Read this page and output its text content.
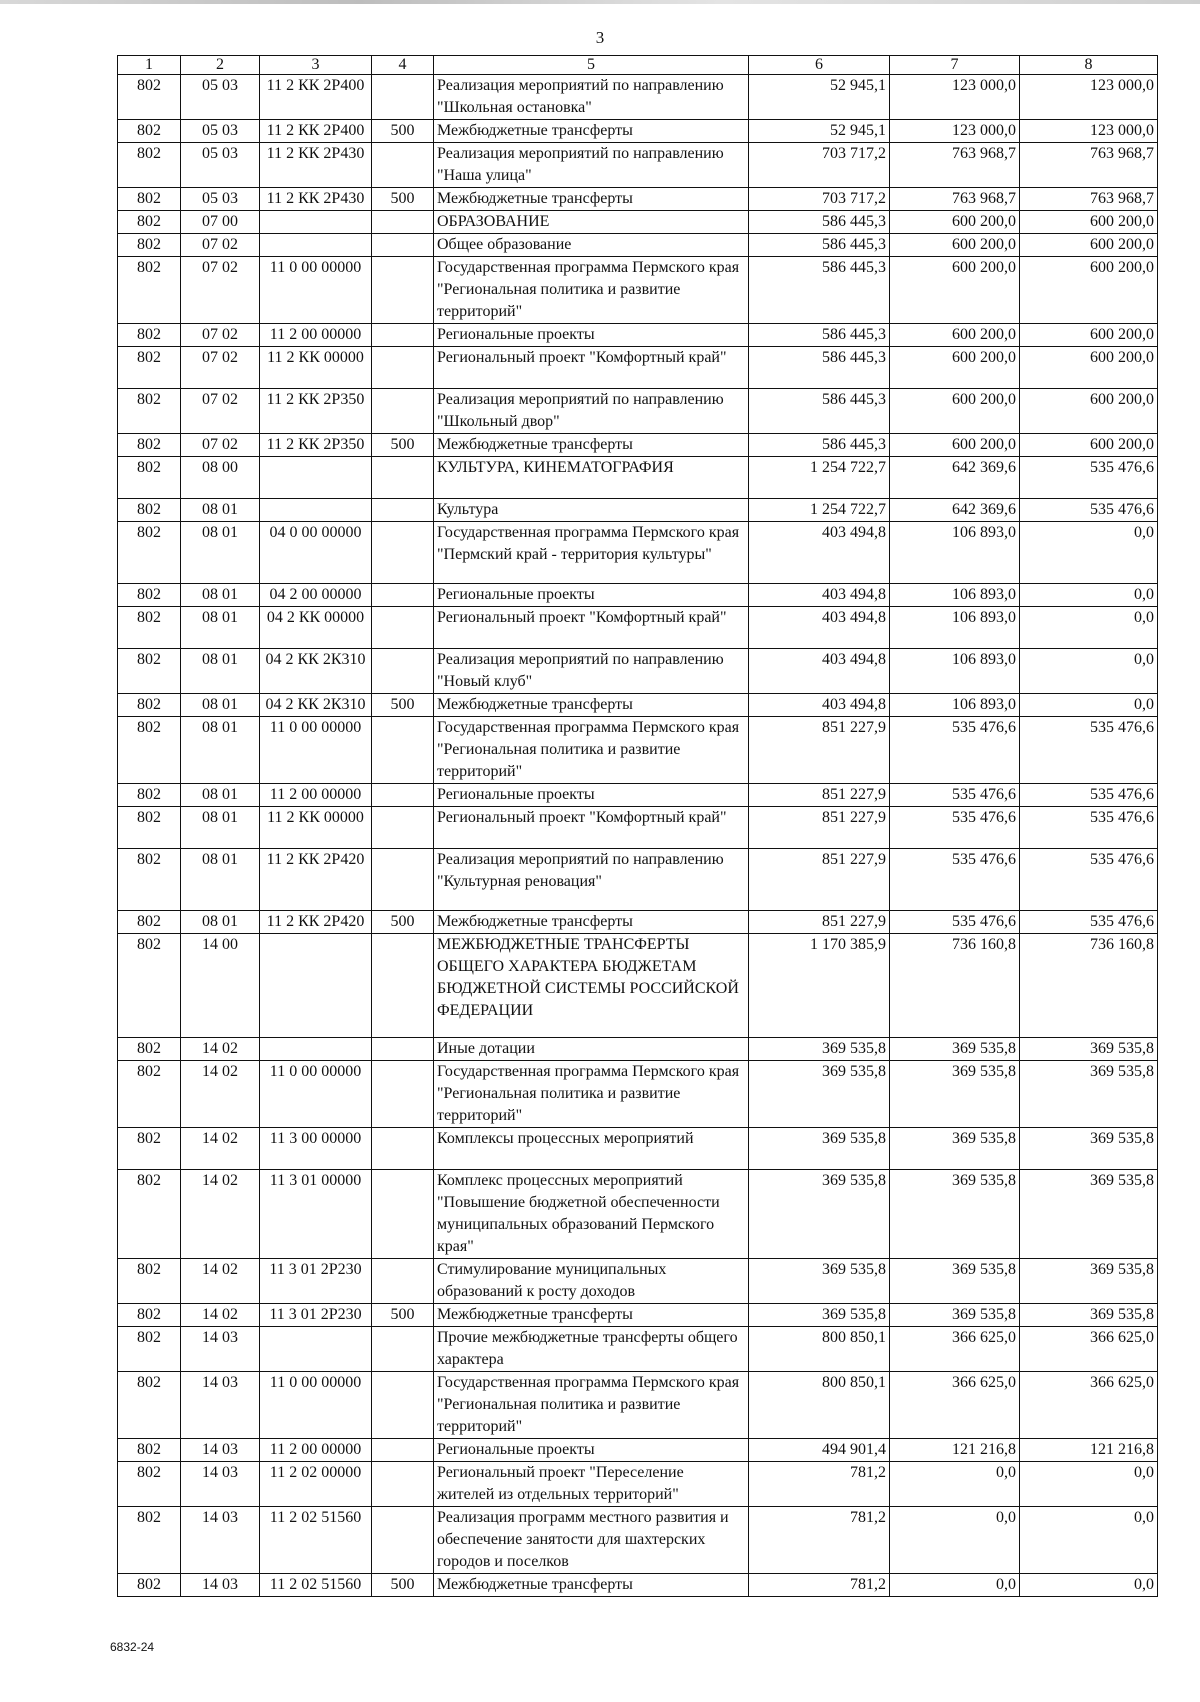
3
1	2	3	4	5	6	7	8
802	05 03	11 2 КК 2Р400		Реализация мероприятий по направлению "Школьная остановка"	52 945,1	123 000,0	123 000,0
802	05 03	11 2 КК 2Р400	500	Межбюджетные трансферты	52 945,1	123 000,0	123 000,0
802	05 03	11 2 КК 2Р430		Реализация мероприятий по направлению "Наша улица"	703 717,2	763 968,7	763 968,7
802	05 03	11 2 КК 2Р430	500	Межбюджетные трансферты	703 717,2	763 968,7	763 968,7
802	07 00			ОБРАЗОВАНИЕ	586 445,3	600 200,0	600 200,0
802	07 02			Общее образование	586 445,3	600 200,0	600 200,0
802	07 02	11 0 00 00000		Государственная программа Пермского края "Региональная политика и развитие территорий"	586 445,3	600 200,0	600 200,0
802	07 02	11 2 00 00000		Региональные проекты	586 445,3	600 200,0	600 200,0
802	07 02	11 2 КК 00000		Региональный проект "Комфортный край"	586 445,3	600 200,0	600 200,0
802	07 02	11 2 КК 2Р350		Реализация мероприятий по направлению "Школьный двор"	586 445,3	600 200,0	600 200,0
802	07 02	11 2 КК 2Р350	500	Межбюджетные трансферты	586 445,3	600 200,0	600 200,0
802	08 00			КУЛЬТУРА, КИНЕМАТОГРАФИЯ	1 254 722,7	642 369,6	535 476,6
802	08 01			Культура	1 254 722,7	642 369,6	535 476,6
802	08 01	04 0 00 00000		Государственная программа Пермского края "Пермский край - территория культуры"	403 494,8	106 893,0	0,0
802	08 01	04 2 00 00000		Региональные проекты	403 494,8	106 893,0	0,0
802	08 01	04 2 КК 00000		Региональный проект "Комфортный край"	403 494,8	106 893,0	0,0
802	08 01	04 2 КК 2К310		Реализация мероприятий по направлению "Новый клуб"	403 494,8	106 893,0	0,0
802	08 01	04 2 КК 2К310	500	Межбюджетные трансферты	403 494,8	106 893,0	0,0
802	08 01	11 0 00 00000		Государственная программа Пермского края "Региональная политика и развитие территорий"	851 227,9	535 476,6	535 476,6
802	08 01	11 2 00 00000		Региональные проекты	851 227,9	535 476,6	535 476,6
802	08 01	11 2 КК 00000		Региональный проект "Комфортный край"	851 227,9	535 476,6	535 476,6
802	08 01	11 2 КК 2Р420		Реализация мероприятий по направлению "Культурная реновация"	851 227,9	535 476,6	535 476,6
802	08 01	11 2 КК 2Р420	500	Межбюджетные трансферты	851 227,9	535 476,6	535 476,6
802	14 00			МЕЖБЮДЖЕТНЫЕ ТРАНСФЕРТЫ ОБЩЕГО ХАРАКТЕРА БЮДЖЕТАМ БЮДЖЕТНОЙ СИСТЕМЫ РОССИЙСКОЙ ФЕДЕРАЦИИ	1 170 385,9	736 160,8	736 160,8
802	14 02			Иные дотации	369 535,8	369 535,8	369 535,8
802	14 02	11 0 00 00000		Государственная программа Пермского края "Региональная политика и развитие территорий"	369 535,8	369 535,8	369 535,8
802	14 02	11 3 00 00000		Комплексы процессных мероприятий	369 535,8	369 535,8	369 535,8
802	14 02	11 3 01 00000		Комплекс процессных мероприятий "Повышение бюджетной обеспеченности муниципальных образований Пермского края"	369 535,8	369 535,8	369 535,8
802	14 02	11 3 01 2Р230		Стимулирование муниципальных образований к росту доходов	369 535,8	369 535,8	369 535,8
802	14 02	11 3 01 2Р230	500	Межбюджетные трансферты	369 535,8	369 535,8	369 535,8
802	14 03			Прочие межбюджетные трансферты общего характера	800 850,1	366 625,0	366 625,0
802	14 03	11 0 00 00000		Государственная программа Пермского края "Региональная политика и развитие территорий"	800 850,1	366 625,0	366 625,0
802	14 03	11 2 00 00000		Региональные проекты	494 901,4	121 216,8	121 216,8
802	14 03	11 2 02 00000		Региональный проект "Переселение жителей из отдельных территорий"	781,2	0,0	0,0
802	14 03	11 2 02 51560		Реализация программ местного развития и обеспечение занятости для шахтерских городов и поселков	781,2	0,0	0,0
802	14 03	11 2 02 51560	500	Межбюджетные трансферты	781,2	0,0	0,0
6832-24
